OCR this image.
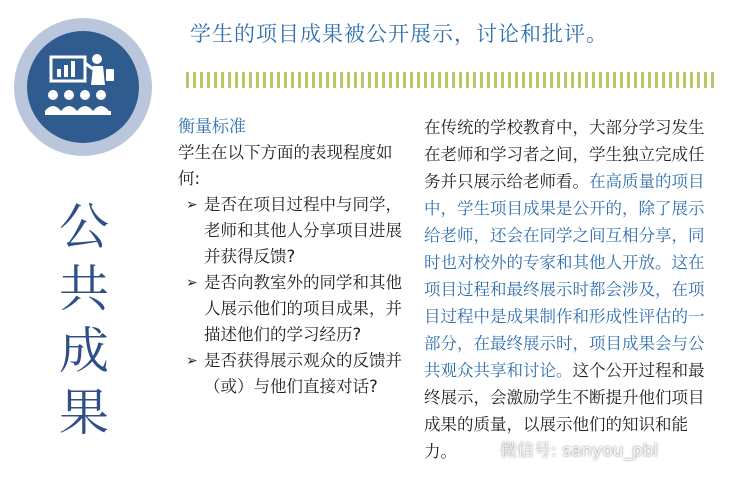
公
共
成
果
学生的项目成果被公开展示，讨论和批评。
衡量标准
学生在以下方面的表现程度如何:
➢ 是否在项目过程中与同学，老师和其他人分享项目进展并获得反馈?
➢ 是否向教室外的同学和其他人展示他们的项目成果，并描述他们的学习经历?
➢ 是否获得展示观众的反馈并（或）与他们直接对话?
在传统的学校教育中，大部分学习发生在老师和学习者之间，学生独立完成任务并只展示给老师看。在高质量的项目中，学生项目成果是公开的，除了展示给老师，还会在同学之间互相分享，同时也对校外的专家和其他人开放。这在项目过程和最终展示时都会涉及，在项目过程中是成果制作和形成性评估的一部分，在最终展示时，项目成果会与公共观众共享和讨论。这个公开过程和最终展示，会激励学生不断提升他们项目成果的质量，以展示他们的知识和能力。	微信号: sanyou_pbl
